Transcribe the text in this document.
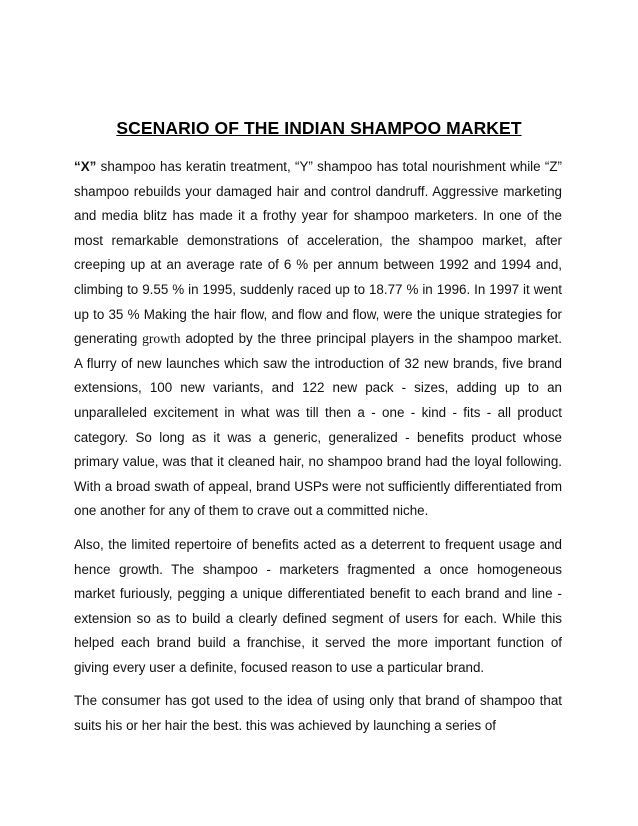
SCENARIO OF THE INDIAN SHAMPOO MARKET

“X” shampoo has keratin treatment, “Y” shampoo has total nourishment while “Z” shampoo rebuilds your damaged hair and control dandruff. Aggressive marketing and media blitz has made it a frothy year for shampoo marketers. In one of the most remarkable demonstrations of acceleration, the shampoo market, after creeping up at an average rate of 6 % per annum between 1992 and 1994 and, climbing to 9.55 % in 1995, suddenly raced up to 18.77 % in 1996. In 1997 it went up to 35 % Making the hair flow, and flow and flow, were the unique strategies for generating growth adopted by the three principal players in the shampoo market. A flurry of new launches which saw the introduction of 32 new brands, five brand extensions, 100 new variants, and 122 new pack - sizes, adding up to an unparalleled excitement in what was till then a - one - kind - fits - all product category. So long as it was a generic, generalized - benefits product whose primary value, was that it cleaned hair, no shampoo brand had the loyal following. With a broad swath of appeal, brand USPs were not sufficiently differentiated from one another for any of them to crave out a committed niche.

Also, the limited repertoire of benefits acted as a deterrent to frequent usage and hence growth. The shampoo - marketers fragmented a once homogeneous market furiously, pegging a unique differentiated benefit to each brand and line - extension so as to build a clearly defined segment of users for each. While this helped each brand build a franchise, it served the more important function of giving every user a definite, focused reason to use a particular brand.

The consumer has got used to the idea of using only that brand of shampoo that suits his or her hair the best. this was achieved by launching a series of
